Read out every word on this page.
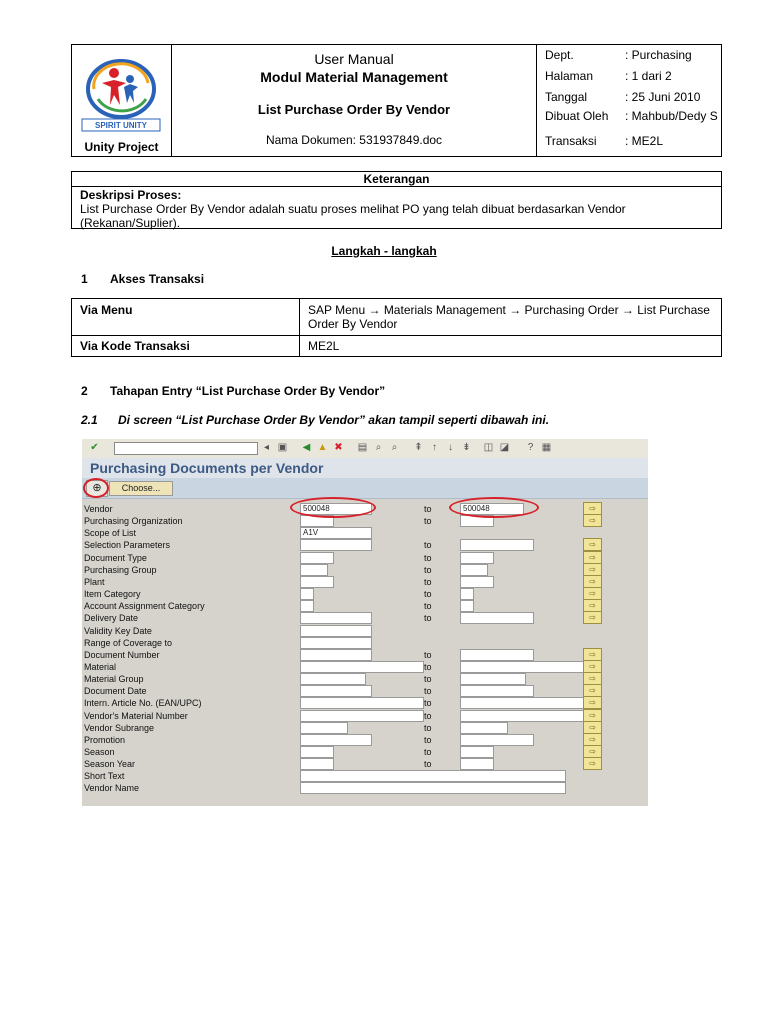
SPIRIT UNITY
Unity Project
User Manual
Modul Material Management
List Purchase Order By Vendor
Nama Dokumen: 531937849.doc
Dept.	: Purchasing
Halaman	: 1 dari 2
Tanggal	: 25 Juni 2010
Dibuat Oleh	: Mahbub/Dedy S
Transaksi	: ME2L
Keterangan
Deskripsi Proses:
List Purchase Order By Vendor adalah suatu proses melihat PO yang telah dibuat berdasarkan Vendor (Rekanan/Suplier).
Langkah - langkah
1 Akses Transaksi
Via Menu	SAP Menu → Materials Management → Purchasing Order → List Purchase Order By Vendor
Via Kode Transaksi	ME2L
2 Tahapan Entry “List Purchase Order By Vendor”
2.1 Di screen “List Purchase Order By Vendor” akan tampil seperti dibawah ini.
✔	◂ ▣ ◀ ▲ ✖ ▤ ⌕	⌕	⇞ ↑	↓ ⇟ ◫ ◪	? ▦
Purchasing Documents per Vendor
⊕	Choose...
Vendor	500048	to	500048	⇨
Purchasing Organization	to	⇨
Scope of List	A1V
Selection Parameters	to	⇨
Document Type	to	⇨
Purchasing Group	to	⇨
Plant	to	⇨
Item Category	to	⇨
Account Assignment Category	to	⇨
Delivery Date	to	⇨
Validity Key Date
Range of Coverage to
Document Number	to	⇨
Material	to	⇨
Material Group	to	⇨
Document Date	to	⇨
Intern. Article No. (EAN/UPC)	to	⇨
Vendor's Material Number	to	⇨
Vendor Subrange	to	⇨
Promotion	to	⇨
Season	to	⇨
Season Year	to	⇨
Short Text
Vendor Name
